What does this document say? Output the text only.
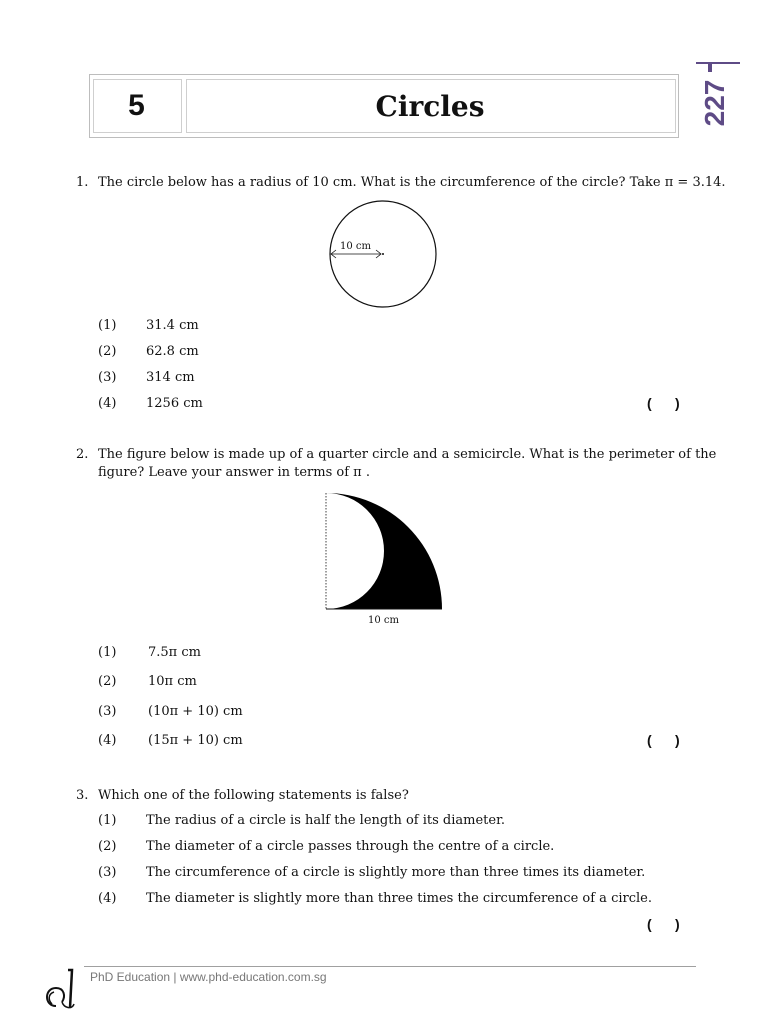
5	Circles	227
1. The circle below has a radius of 10 cm. What is the circumference of the circle? Take π = 3.14.
10 cm
(1) 31.4 cm
(2) 62.8 cm
(3) 314 cm
(4) 1256 cm	(      )
2. The figure below is made up of a quarter circle and a semicircle. What is the perimeter of the
figure? Leave your answer in terms of π .
10 cm
(1) 7.5π cm
(2) 10π cm
(3) (10π + 10) cm
(4) (15π + 10) cm	(      )
3. Which one of the following statements is false?
(1) The radius of a circle is half the length of its diameter.
(2) The diameter of a circle passes through the centre of a circle.
(3) The circumference of a circle is slightly more than three times its diameter.
(4) The diameter is slightly more than three times the circumference of a circle.
(      )
PhD Education | www.phd-education.com.sg
